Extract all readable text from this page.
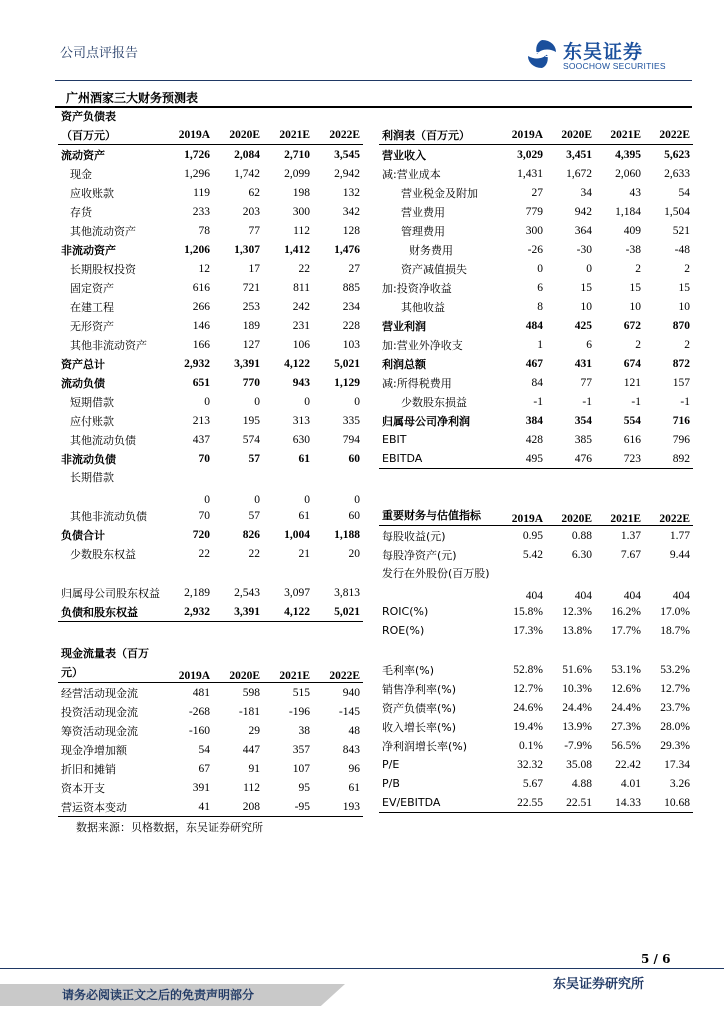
公司点评报告	SCS 东吴证券
SOOCHOW SECURITIES
广州酒家三大财务预测表
资产负债表				
（百万元）	2019A	2020E	2021E	2022E
流动资产	1,726	2,084	2,710	3,545
现金	1,296	1,742	2,099	2,942
应收账款	119	62	198	132
存货	233	203	300	342
其他流动资产	78	77	112	128
非流动资产	1,206	1,307	1,412	1,476
长期股权投资	12	17	22	27
固定资产	616	721	811	885
在建工程	266	253	242	234
无形资产	146	189	231	228
其他非流动资产	166	127	106	103
资产总计	2,932	3,391	4,122	5,021
流动负债	651	770	943	1,129
短期借款	0	0	0	0
应付账款	213	195	313	335
其他流动负债	437	574	630	794
非流动负债	70	57	61	60
长期借款	0	0	0	0
其他非流动负债	70	57	61	60
负债合计	720	826	1,004	1,188
少数股东权益	22	22	21	20

归属母公司股东权益	2,189	2,543	3,097	3,813
负债和股东权益	2,932	3,391	4,122	5,021
利润表（百万元）	2019A	2020E	2021E	2022E
营业收入	3,029	3,451	4,395	5,623
减:营业成本	1,431	1,672	2,060	2,633
营业税金及附加	27	34	43	54
营业费用	779	942	1,184	1,504
管理费用	300	364	409	521
财务费用	-26	-30	-38	-48
资产减值损失	0	0	2	2
加:投资净收益	6	15	15	15
其他收益	8	10	10	10
营业利润	484	425	672	870
加:营业外净收支	1	6	2	2
利润总额	467	431	674	872
减:所得税费用	84	77	121	157
少数股东损益	-1	-1	-1	-1
归属母公司净利润	384	354	554	716
EBIT	428	385	616	796
EBITDA	495	476	723	892
重要财务与估值指标	2019A	2020E	2021E	2022E
每股收益(元)	0.95	0.88	1.37	1.77
每股净资产(元)	5.42	6.30	7.67	9.44
发行在外股份(百万股)	404	404	404	404
ROIC(%)	15.8%	12.3%	16.2%	17.0%
ROE(%)	17.3%	13.8%	17.7%	18.7%

毛利率(%)	52.8%	51.6%	53.1%	53.2%
销售净利率(%)	12.7%	10.3%	12.6%	12.7%
资产负债率(%)	24.6%	24.4%	24.4%	23.7%
收入增长率(%)	19.4%	13.9%	27.3%	28.0%
净利润增长率(%)	0.1%	-7.9%	56.5%	29.3%
P/E	32.32	35.08	22.42	17.34
P/B	5.67	4.88	4.01	3.26
EV/EBITDA	22.55	22.51	14.33	10.68
现金流量表（百万元）	2019A	2020E	2021E	2022E
经营活动现金流	481	598	515	940
投资活动现金流	-268	-181	-196	-145
筹资活动现金流	-160	29	38	48
现金净增加额	54	447	357	843
折旧和摊销	67	91	107	96
资本开支	391	112	95	61
营运资本变动	41	208	-95	193
数据来源：贝格数据，东吴证券研究所
5 / 6
请务必阅读正文之后的免责声明部分
东吴证券研究所
